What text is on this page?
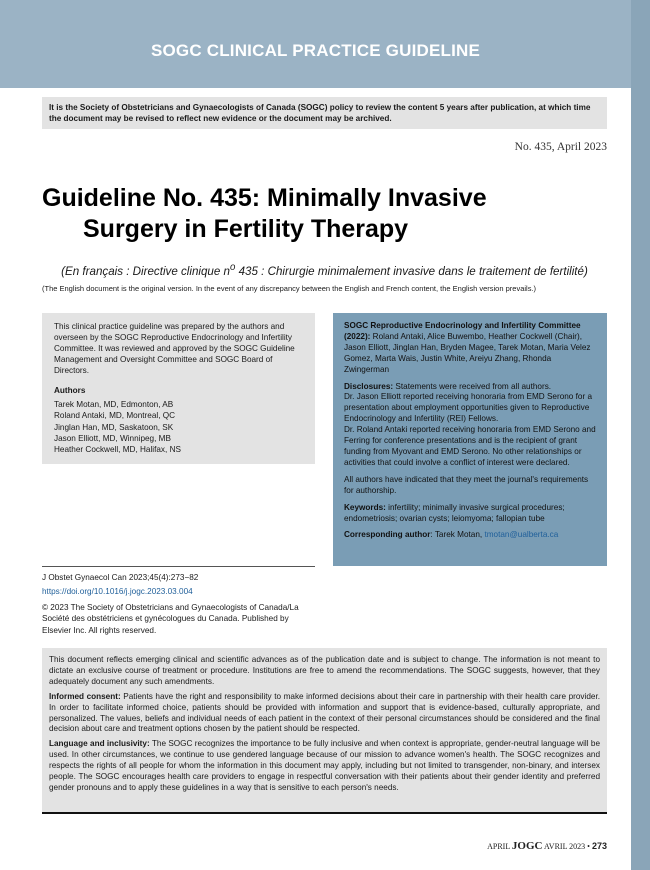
SOGC CLINICAL PRACTICE GUIDELINE
It is the Society of Obstetricians and Gynaecologists of Canada (SOGC) policy to review the content 5 years after publication, at which time the document may be revised to reflect new evidence or the document may be archived.
No. 435, April 2023
Guideline No. 435: Minimally Invasive
Surgery in Fertility Therapy
(En français : Directive clinique $n^o$ 435 : Chirurgie minimalement invasive dans le traitement de fertilité)
(The English document is the original version. In the event of any discrepancy between the English and French content, the English version prevails.)

This clinical practice guideline was prepared by the authors and overseen by the SOGC Reproductive Endocrinology and Infertility Committee. It was reviewed and approved by the SOGC Guideline Management and Oversight Committee and SOGC Board of Directors.

Authors

Tarek Motan, MD, Edmonton, AB
Roland Antaki, MD, Montreal, QC
Jinglan Han, MD, Saskatoon, SK
Jason Elliott, MD, Winnipeg, MB
Heather Cockwell, MD, Halifax, NS

SOGC Reproductive Endocrinology and Infertility Committee (2022): Roland Antaki, Alice Buwembo, Heather Cockwell (Chair), Jason Elliott, Jinglan Han, Bryden Magee, Tarek Motan, Maria Velez Gomez, Marta Wais, Justin White, Areiyu Zhang, Rhonda Zwingerman

Disclosures: Statements were received from all authors.
Dr. Jason Elliott reported receiving honoraria from EMD Serono for a presentation about employment opportunities given to Reproductive Endocrinology and Infertility (REI) Fellows.
Dr. Roland Antaki reported receiving honoraria from EMD Serono and Ferring for conference presentations and is the recipient of grant funding from Myovant and EMD Serono. No other relationships or activities that could involve a conflict of interest were declared.

All authors have indicated that they meet the journal's requirements for authorship.

Keywords: infertility; minimally invasive surgical procedures; endometriosis; ovarian cysts; leiomyoma; fallopian tube

Corresponding author: Tarek Motan, tmotan@ualberta.ca

J Obstet Gynaecol Can 2023;45(4):273−82
https://doi.org/10.1016/j.jogc.2023.03.004
© 2023 The Society of Obstetricians and Gynaecologists of Canada/La Société des obstétriciens et gynécologues du Canada. Published by Elsevier Inc. All rights reserved.

This document reflects emerging clinical and scientific advances as of the publication date and is subject to change. The information is not meant to dictate an exclusive course of treatment or procedure. Institutions are free to amend the recommendations. The SOGC suggests, however, that they adequately document any such amendments.

Informed consent: Patients have the right and responsibility to make informed decisions about their care in partnership with their health care provider. In order to facilitate informed choice, patients should be provided with information and support that is evidence-based, culturally appropriate, and personalized. The values, beliefs and individual needs of each patient in the context of their personal circumstances should be considered and the final decision about care and treatment options chosen by the patient should be respected.

Language and inclusivity: The SOGC recognizes the importance to be fully inclusive and when context is appropriate, gender-neutral language will be used. In other circumstances, we continue to use gendered language because of our mission to advance women's health. The SOGC recognizes and respects the rights of all people for whom the information in this document may apply, including but not limited to transgender, non-binary, and intersex people. The SOGC encourages health care providers to engage in respectful conversation with their patients about their gender identity and preferred gender pronouns and to apply these guidelines in a way that is sensitive to each person's needs.

APRIL JOGC AVRIL 2023 • 273
